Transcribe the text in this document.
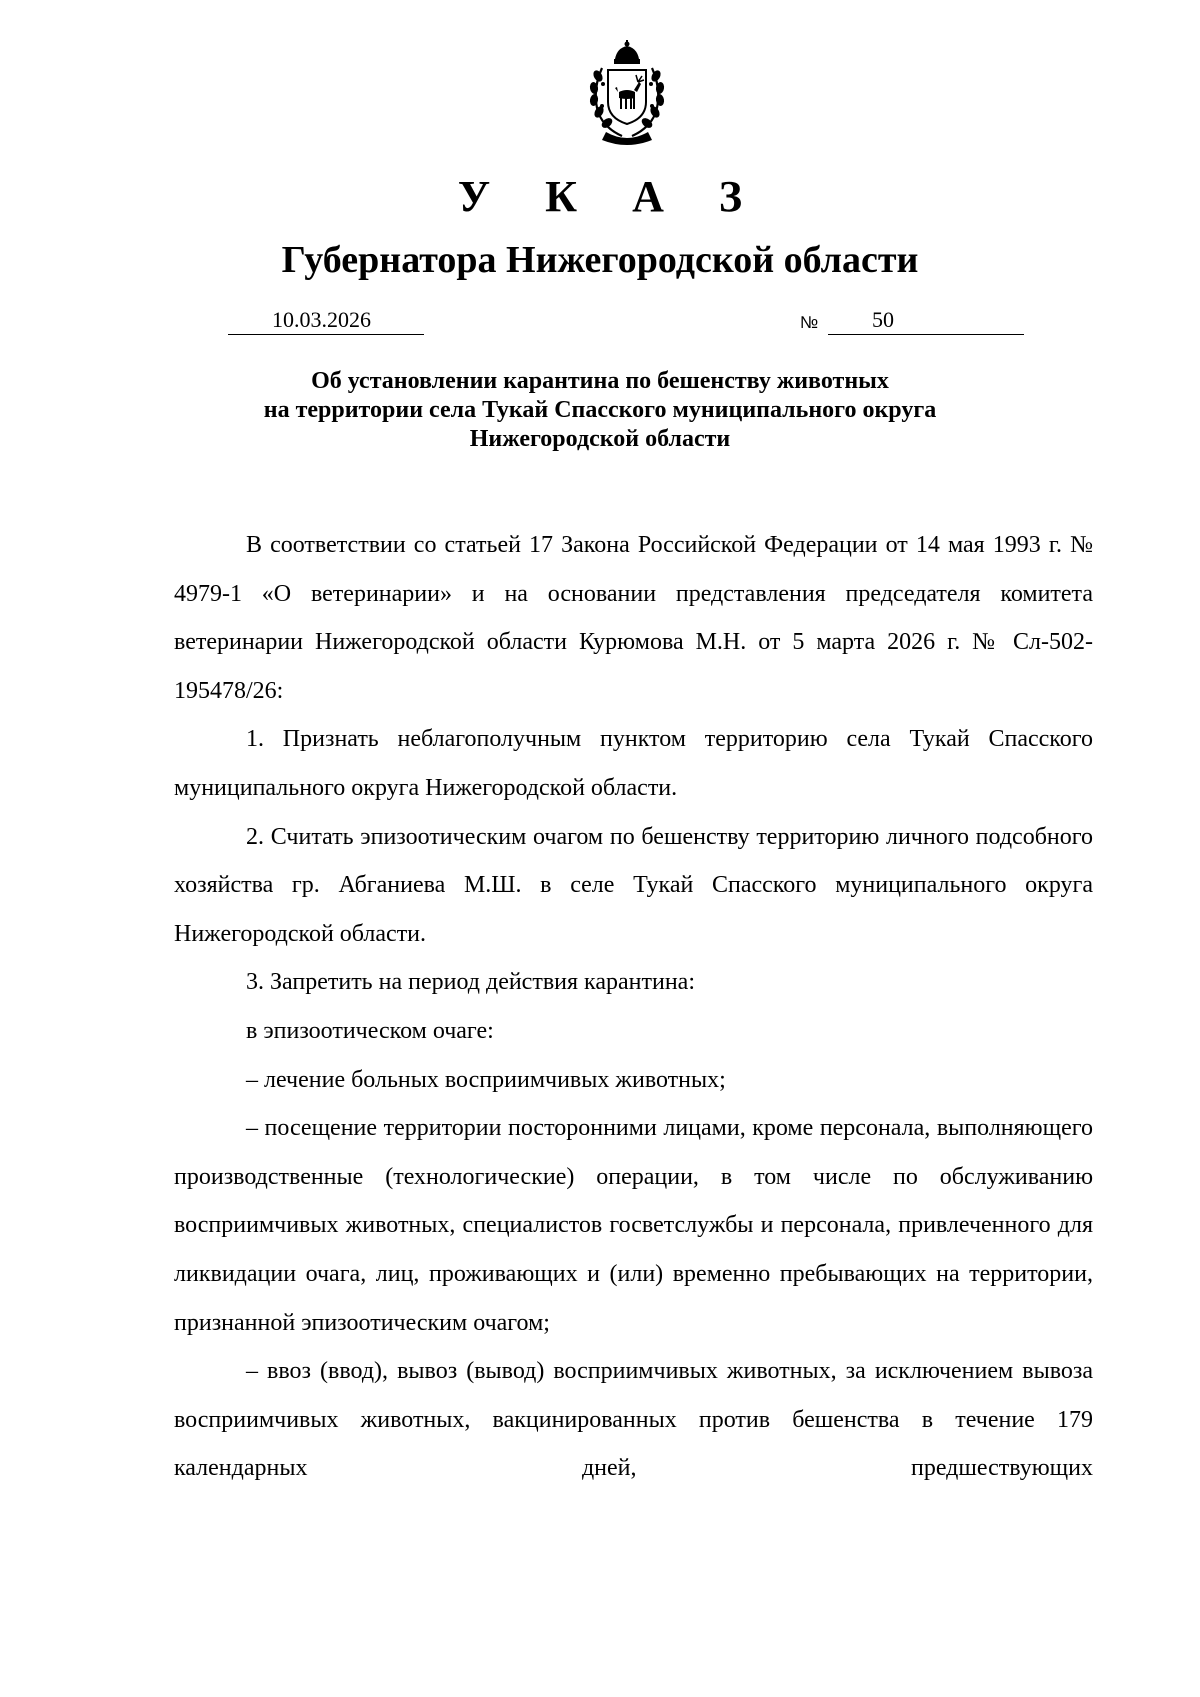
У К А З
Губернатора Нижегородской области
10.03.2026	№	50
Об установлении карантина по бешенству животных
на территории села Тукай Спасского муниципального округа
Нижегородской области

В соответствии со статьей 17 Закона Российской Федерации от 14 мая 1993 г. № 4979-1 «О ветеринарии» и на основании представления председателя комитета ветеринарии Нижегородской области Курюмова М.Н. от 5 марта 2026 г. № Сл-502-195478/26:

1. Признать неблагополучным пунктом территорию села Тукай Спасского муниципального округа Нижегородской области.

2. Считать эпизоотическим очагом по бешенству территорию личного подсобного хозяйства гр. Абганиева М.Ш. в селе Тукай Спасского муниципального округа Нижегородской области.

3. Запретить на период действия карантина:

в эпизоотическом очаге:

– лечение больных восприимчивых животных;

– посещение территории посторонними лицами, кроме персонала, выполняющего производственные (технологические) операции, в том числе по обслуживанию восприимчивых животных, специалистов госветслужбы и персонала, привлеченного для ликвидации очага, лиц, проживающих и (или) временно пребывающих на территории, признанной эпизоотическим очагом;

– ввоз (ввод), вывоз (вывод) восприимчивых животных, за исключением вывоза восприимчивых животных, вакцинированных против бешенства в течение 179 календарных дней, предшествующих
